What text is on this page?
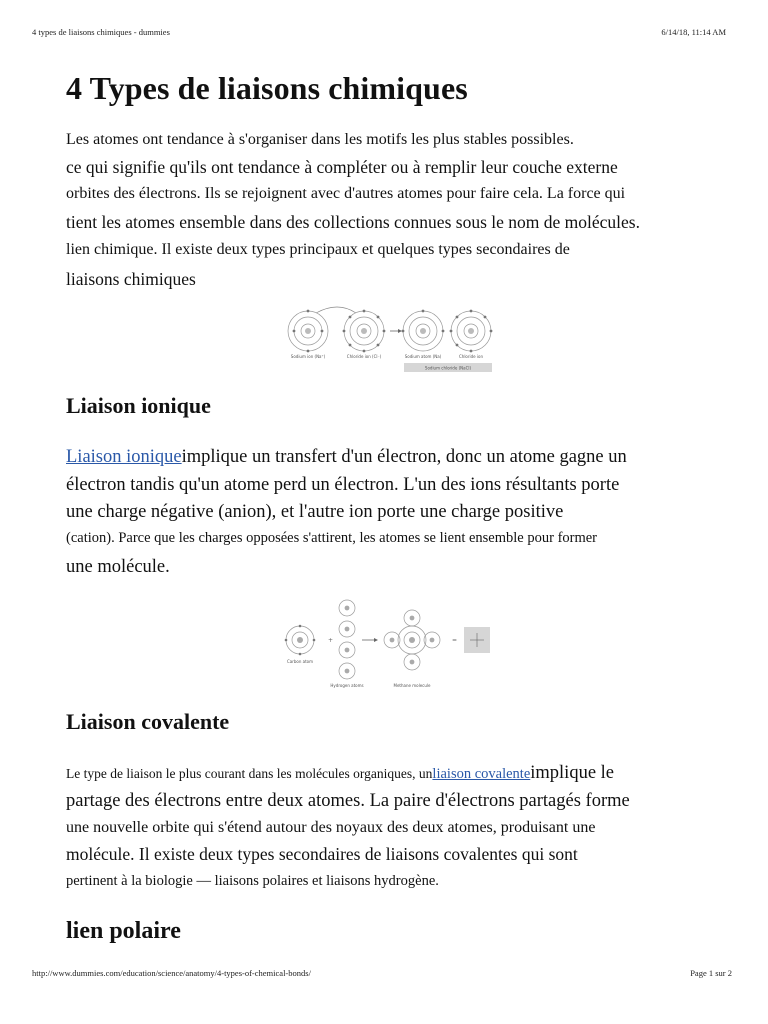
4 types de liaisons chimiques - dummies	6/14/18, 11:14 AM
4 Types de liaisons chimiques
Les atomes ont tendance à s'organiser dans les motifs les plus stables possibles.
ce qui signifie qu'ils ont tendance à compléter ou à remplir leur couche externe
orbites des électrons. Ils se rejoignent avec d'autres atomes pour faire cela. La force qui
tient les atomes ensemble dans des collections connues sous le nom de molécules.
lien chimique. Il existe deux types principaux et quelques types secondaires de
liaisons chimiques
Sodium ion (Na⁺)	Chloride ion (Cl⁻)	Sodium atom (Na)	Chloride ion
Sodium chloride (NaCl)
Liaison ionique
Liaison ioniqueimplique un transfert d'un électron, donc un atome gagne un
électron tandis qu'un atome perd un électron. L'un des ions résultants porte
une charge négative (anion), et l'autre ion porte une charge positive
(cation). Parce que les charges opposées s'attirent, les atomes se lient ensemble pour former
une molécule.
+	=
Carbon atom
Hydrogen atoms	Methane molecule
Liaison covalente
Le type de liaison le plus courant dans les molécules organiques, unliaison covalenteimplique le
partage des électrons entre deux atomes. La paire d'électrons partagés forme
une nouvelle orbite qui s'étend autour des noyaux des deux atomes, produisant une
molécule. Il existe deux types secondaires de liaisons covalentes qui sont
pertinent à la biologie — liaisons polaires et liaisons hydrogène.
lien polaire
http://www.dummies.com/education/science/anatomy/4-types-of-chemical-bonds/	Page 1 sur 2
